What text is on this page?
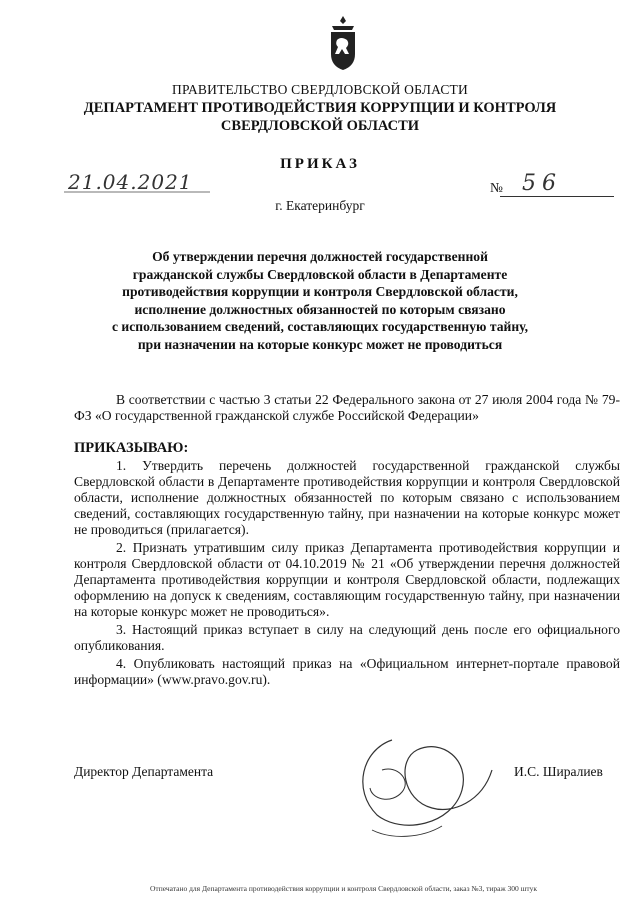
ПРАВИТЕЛЬСТВО СВЕРДЛОВСКОЙ ОБЛАСТИ
ДЕПАРТАМЕНТ ПРОТИВОДЕЙСТВИЯ КОРРУПЦИИ И КОНТРОЛЯ
СВЕРДЛОВСКОЙ ОБЛАСТИ
ПРИКАЗ
21.04.2021	№ 56
г. Екатеринбург
Об утверждении перечня должностей государственной
гражданской службы Свердловской области в Департаменте
противодействия коррупции и контроля Свердловской области,
исполнение должностных обязанностей по которым связано
с использованием сведений, составляющих государственную тайну,
при назначении на которые конкурс может не проводиться

В соответствии с частью 3 статьи 22 Федерального закона от 27 июля 2004 года № 79-ФЗ «О государственной гражданской службе Российской Федерации»

ПРИКАЗЫВАЮ:

1. Утвердить перечень должностей государственной гражданской службы Свердловской области в Департаменте противодействия коррупции и контроля Свердловской области, исполнение должностных обязанностей по которым связано с использованием сведений, составляющих государственную тайну, при назначении на которые конкурс может не проводиться (прилагается).

2. Признать утратившим силу приказ Департамента противодействия коррупции и контроля Свердловской области от 04.10.2019 № 21 «Об утверждении перечня должностей Департамента противодействия коррупции и контроля Свердловской области, подлежащих оформлению на допуск к сведениям, составляющим государственную тайну, при назначении на которые конкурс может не проводиться».

3. Настоящий приказ вступает в силу на следующий день после его официального опубликования.

4. Опубликовать настоящий приказ на «Официальном интернет-портале правовой информации» (www.pravo.gov.ru).

Директор Департамента	И.С. Ширалиев
Отпечатано для Департамента противодействия коррупции и контроля Свердловской области, заказ №3, тираж 300 штук
